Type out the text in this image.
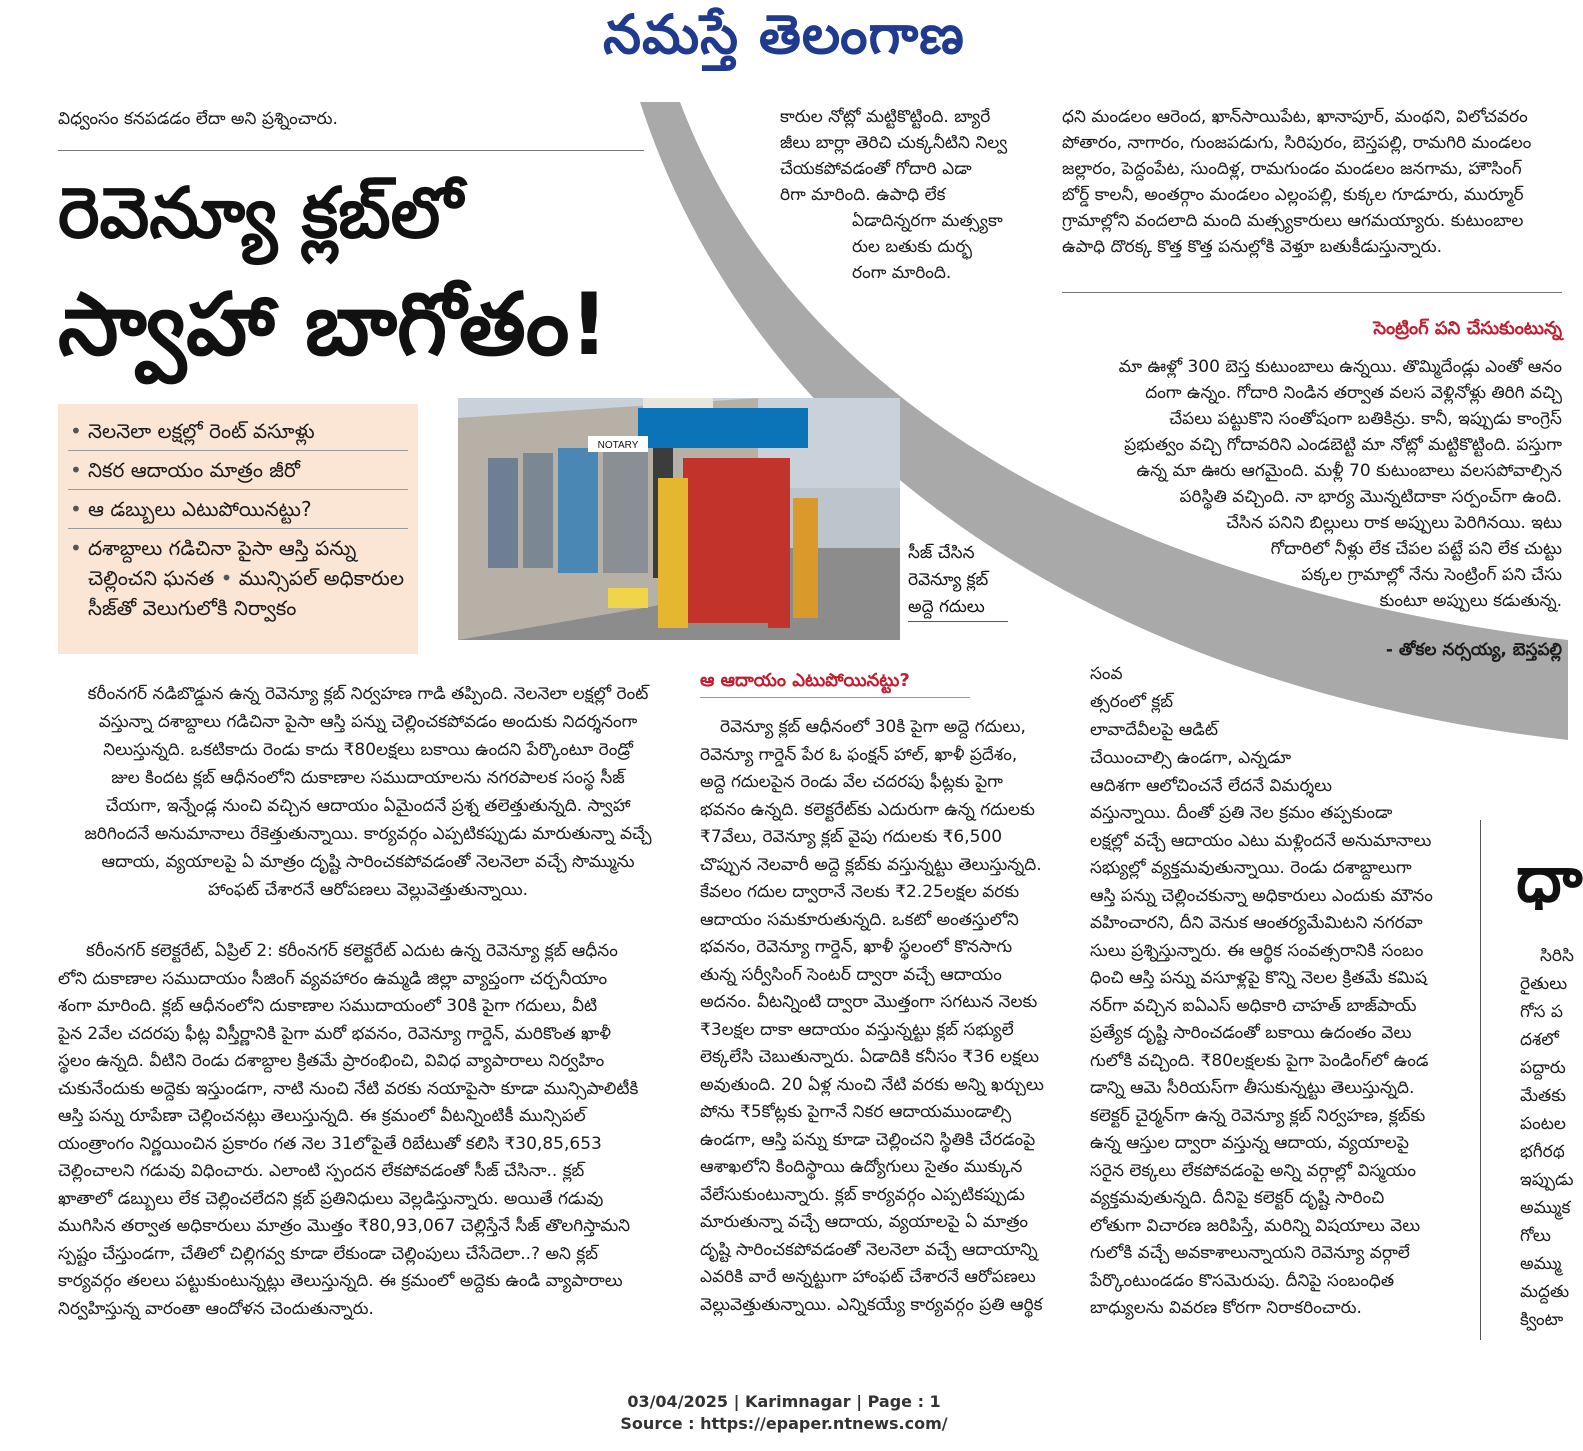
నమస్తే తెలంగాణ
విధ్వంసం కనపడడం లేదా అని ప్రశ్నించారు.
రెవెన్యూ క్లబ్‌లో
స్వాహా బాగోతం!
• నెలనెలా లక్షల్లో రెంట్ వసూళ్లు
• నికర ఆదాయం మాత్రం జీరో
• ఆ డబ్బులు ఎటుపోయినట్టు?
• దశాబ్దాలు గడిచినా పైసా ఆస్తి పన్ను చెల్లించని ఘనత • మున్సిపల్ అధికారుల సీజ్‌తో వెలుగులోకి నిర్వాకం
NOTARY
సీజ్ చేసిన
రెవెన్యూ క్లబ్
అద్దె గదులు
కారుల నోట్లో మట్టికొట్టింది. బ్యారే
జీలు బార్లా తెరిచి చుక్కనీటిని నిల్వ
చేయకపోవడంతో గోదారి ఎడా
రిగా మారింది. ఉపాధి లేక
ఏడాదిన్నరగా మత్స్యకా
రుల బతుకు దుర్భ
రంగా మారింది.
ధని మండలం ఆరెంద, ఖాన్‌సాయిపేట, ఖానాపూర్, మంథని, విలోచవరం
పోతారం, నాగారం, గుంజపడుగు, సిరిపురం, బెస్తపల్లి, రామగిరి మండలం
జల్లారం, పెద్దంపేట, సుందిళ్ల, రామగుండం మండలం జనగామ, హౌసింగ్
బోర్డ్ కాలనీ, అంతర్గాం మండలం ఎల్లంపల్లి, కుక్కల గూడూరు, ముర్మూర్
గ్రామాల్లోని వందలాది మంది మత్స్యకారులు ఆగమయ్యారు. కుటుంబాల
ఉపాధి దొరక్క కొత్త కొత్త పనుల్లోకి వెళ్తూ బతుకీడుస్తున్నారు.
సెంట్రింగ్ పని చేసుకుంటున్న
మా ఊళ్లో 300 బెస్త కుటుంబాలు ఉన్నయి. తొమ్మిదేండ్లు ఎంతో ఆనం
దంగా ఉన్నం. గోదారి నిండిన తర్వాత వలస వెళ్లినోళ్లు తిరిగి వచ్చి
చేపలు పట్టుకొని సంతోషంగా బతికిన్రు. కానీ, ఇప్పుడు కాంగ్రెస్
ప్రభుత్వం వచ్చి గోదావరిని ఎండబెట్టి మా నోట్లో మట్టికొట్టింది. పస్తుగా
ఉన్న మా ఊరు ఆగమైంది. మళ్లీ 70 కుటుంబాలు వలసపోవాల్సిన
పరిస్థితి వచ్చింది. నా భార్య మొన్నటిదాకా సర్పంచ్‌గా ఉంది.
చేసిన పనిని బిల్లులు రాక అప్పులు పెరిగినయి. ఇటు
గోదారిలో నీళ్లు లేక చేపల పట్టే పని లేక చుట్టు
పక్కల గ్రామాల్లో నేను సెంట్రింగ్ పని చేసు
కుంటూ అప్పులు కడుతున్న.
- తోకల నర్సయ్య, బెస్తపల్లి
కరీంనగర్ నడిబొడ్డున ఉన్న రెవెన్యూ క్లబ్ నిర్వహణ గాడి తప్పింది. నెలనెలా లక్షల్లో రెంట్
వస్తున్నా దశాబ్దాలు గడిచినా పైసా ఆస్తి పన్ను చెల్లించకపోవడం అందుకు నిదర్శనంగా
నిలుస్తున్నది. ఒకటికాదు రెండు కాదు ₹80లక్షలు బకాయి ఉందని పేర్కొంటూ రెండ్రో
జుల కిందట క్లబ్ ఆధీనంలోని దుకాణాల సముదాయాలను నగరపాలక సంస్థ సీజ్
చేయగా, ఇన్నేండ్ల నుంచి వచ్చిన ఆదాయం ఏమైందనే ప్రశ్న తలెత్తుతున్నది. స్వాహా
జరిగిందనే అనుమానాలు రేకెత్తుతున్నాయి. కార్యవర్గం ఎప్పటికప్పుడు మారుతున్నా వచ్చే
ఆదాయ, వ్యయాలపై ఏ మాత్రం దృష్టి సారించకపోవడంతో నెలనెలా వచ్చే సొమ్మును
హాంఫట్ చేశారనే ఆరోపణలు వెల్లువెత్తుతున్నాయి.
కరీంనగర్ కలెక్టరేట్, ఏప్రిల్ 2: కరీంనగర్ కలెక్టరేట్ ఎదుట ఉన్న రెవెన్యూ క్లబ్ ఆధీనం
లోని దుకాణాల సముదాయం సీజింగ్ వ్యవహారం ఉమ్మడి జిల్లా వ్యాప్తంగా చర్చనీయాం
శంగా మారింది. క్లబ్ ఆధీనంలోని దుకాణాల సముదాయంలో 30కి పైగా గదులు, వీటి
పైన 2వేల చదరపు ఫీట్ల విస్తీర్ణానికి పైగా మరో భవనం, రెవెన్యూ గార్డెన్, మరికొంత ఖాళీ
స్థలం ఉన్నది. వీటిని రెండు దశాబ్దాల క్రితమే ప్రారంభించి, వివిధ వ్యాపారాలు నిర్వహిం
చుకునేందుకు అద్దెకు ఇస్తుండగా, నాటి నుంచి నేటి వరకు నయాపైసా కూడా మున్సిపాలిటీకి
ఆస్తి పన్ను రూపేణా చెల్లించనట్లు తెలుస్తున్నది. ఈ క్రమంలో వీటన్నింటికీ మున్సిపల్
యంత్రాంగం నిర్ణయించిన ప్రకారం గత నెల 31లోపైతే రిబేటుతో కలిసి ₹30,85,653
చెల్లించాలని గడువు విధించారు. ఎలాంటి స్పందన లేకపోవడంతో సీజ్ చేసినా.. క్లబ్
ఖాతాలో డబ్బులు లేక చెల్లించలేదని క్లబ్ ప్రతినిధులు వెల్లడిస్తున్నారు. అయితే గడువు
ముగిసిన తర్వాత అధికారులు మాత్రం మొత్తం ₹80,93,067 చెల్లిస్తేనే సీజ్ తొలగిస్తామని
స్పష్టం చేస్తుండగా, చేతిలో చిల్లిగవ్వ కూడా లేకుండా చెల్లింపులు చేసేదెలా..? అని క్లబ్
కార్యవర్గం తలలు పట్టుకుంటున్నట్లు తెలుస్తున్నది. ఈ క్రమంలో అద్దెకు ఉండి వ్యాపారాలు
నిర్వహిస్తున్న వారంతా ఆందోళన చెందుతున్నారు.
ఆ ఆదాయం ఎటుపోయినట్టు?
రెవెన్యూ క్లబ్ ఆధీనంలో 30కి పైగా అద్దె గదులు,
రెవెన్యూ గార్డెన్ పేర ఓ ఫంక్షన్ హాల్, ఖాళీ ప్రదేశం,
అద్దె గదులపైన రెండు వేల చదరపు ఫీట్లకు పైగా
భవనం ఉన్నది. కలెక్టరేట్‌కు ఎదురుగా ఉన్న గదులకు
₹7వేలు, రెవెన్యూ క్లబ్ వైపు గదులకు ₹6,500
చొప్పున నెలవారీ అద్దె క్లబ్‌కు వస్తున్నట్టు తెలుస్తున్నది.
కేవలం గదుల ద్వారానే నెలకు ₹2.25లక్షల వరకు
ఆదాయం సమకూరుతున్నది. ఒకటో అంతస్తులోని
భవనం, రెవెన్యూ గార్డెన్, ఖాళీ స్థలంలో కొనసాగు
తున్న సర్వీసింగ్ సెంటర్ ద్వారా వచ్చే ఆదాయం
అదనం. వీటన్నింటి ద్వారా మొత్తంగా సగటున నెలకు
₹3లక్షల దాకా ఆదాయం వస్తున్నట్టు క్లబ్ సభ్యులే
లెక్కలేసి చెబుతున్నారు. ఏడాదికి కనీసం ₹36 లక్షలు
అవుతుంది. 20 ఏళ్ల నుంచి నేటి వరకు అన్ని ఖర్చులు
పోను ₹5కోట్లకు పైగానే నికర ఆదాయముండాల్సి
ఉండగా, ఆస్తి పన్ను కూడా చెల్లించని స్థితికి చేరడంపై
ఆశాఖలోని కిందిస్థాయి ఉద్యోగులు సైతం ముక్కున
వేలేసుకుంటున్నారు. క్లబ్ కార్యవర్గం ఎప్పటికప్పుడు
మారుతున్నా వచ్చే ఆదాయ, వ్యయాలపై ఏ మాత్రం
దృష్టి సారించకపోవడంతో నెలనెలా వచ్చే ఆదాయాన్ని
ఎవరికి వారే అన్నట్టుగా హాంఫట్ చేశారనే ఆరోపణలు
వెల్లువెత్తుతున్నాయి. ఎన్నికయ్యే కార్యవర్గం ప్రతి ఆర్థిక
సంవ
త్సరంలో క్లబ్
లావాదేవీలపై ఆడిట్
చేయించాల్సి ఉండగా, ఎన్నడూ
ఆదిశగా ఆలోచించనే లేదనే విమర్శలు
వస్తున్నాయి. దీంతో ప్రతి నెల క్రమం తప్పకుండా
లక్షల్లో వచ్చే ఆదాయం ఎటు మళ్లిందనే అనుమానాలు
సభ్యుల్లో వ్యక్తమవుతున్నాయి. రెండు దశాబ్దాలుగా
ఆస్తి పన్ను చెల్లించకున్నా అధికారులు ఎందుకు మౌనం
వహించారని, దీని వెనుక ఆంతర్యమేమిటని నగరవా
సులు ప్రశ్నిస్తున్నారు. ఈ ఆర్థిక సంవత్సరానికి సంబం
ధించి ఆస్తి పన్ను వసూళ్లపై కొన్ని నెలల క్రితమే కమిష
నర్‌గా వచ్చిన ఐఏఎస్ అధికారి చాహత్ బాజ్‌పాయ్
ప్రత్యేక దృష్టి సారించడంతో బకాయి ఉదంతం వెలు
గులోకి వచ్చింది. ₹80లక్షలకు పైగా పెండింగ్‌లో ఉండ
డాన్ని ఆమె సీరియస్‌గా తీసుకున్నట్టు తెలుస్తున్నది.
కలెక్టర్ చైర్మన్‌గా ఉన్న రెవెన్యూ క్లబ్ నిర్వహణ, క్లబ్‌కు
ఉన్న ఆస్తుల ద్వారా వస్తున్న ఆదాయ, వ్యయాలపై
సరైన లెక్కలు లేకపోవడంపై అన్ని వర్గాల్లో విస్మయం
వ్యక్తమవుతున్నది. దీనిపై కలెక్టర్ దృష్టి సారించి
లోతుగా విచారణ జరిపిస్తే, మరిన్ని విషయాలు వెలు
గులోకి వచ్చే అవకాశాలున్నాయని రెవెన్యూ వర్గాలే
పేర్కొంటుండడం కొసమెరుపు. దీనిపై సంబంధిత
బాధ్యులను వివరణ కోరగా నిరాకరించారు.
ధా
సిరిసి
రైతులు
గోస ప
దశలో
పద్దారు
మేతకు
పంటల
భగీరథ
ఇప్పుడు
అమ్ముక
గోలు
అమ్ము
మద్దతు
క్వింటా
03/04/2025 | Karimnagar | Page : 1
Source : https://epaper.ntnews.com/
